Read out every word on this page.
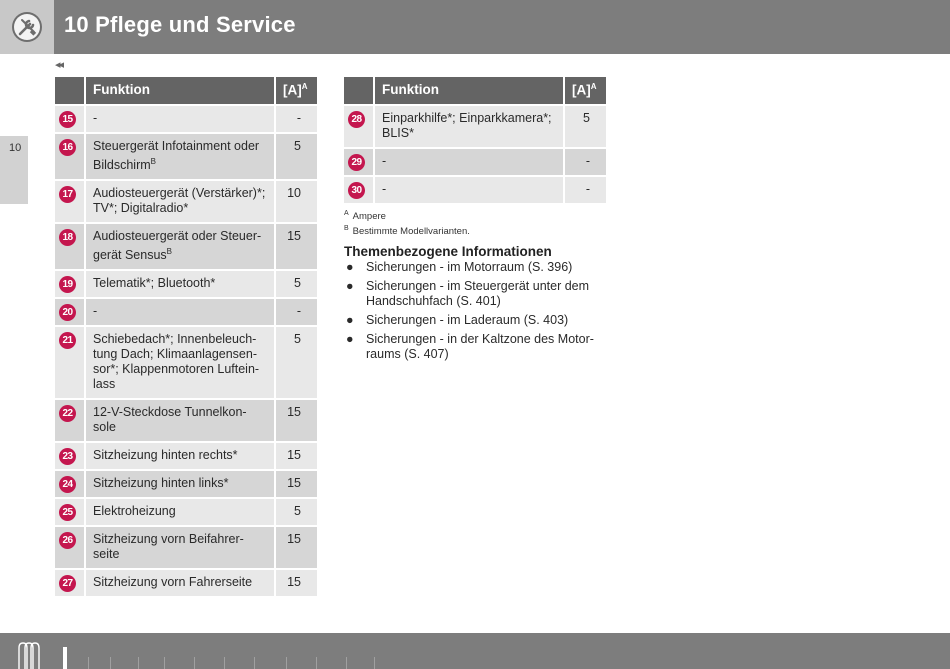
10 Pflege und Service
10
◂◂
	Funktion	$[A]^A$
15	-	-
16	Steuergerät Infotainment oder Bildschirm$^B$	5
17	Audiosteuergerät (Verstärker)*; TV*; Digitalradio*	10
18	Audiosteuergerät oder Steuer-gerät Sensus$^B$	15
19	Telematik*; Bluetooth*	5
20	-	-
21	Schiebedach*; Innenbeleuch-tung Dach; Klimaanlagensen-sor*; Klappenmotoren Luftein-lass	5
22	12-V-Steckdose Tunnelkon-sole	15
23	Sitzheizung hinten rechts*	15
24	Sitzheizung hinten links*	15
25	Elektroheizung	5
26	Sitzheizung vorn Beifahrer-seite	15
27	Sitzheizung vorn Fahrerseite	15
	Funktion	$[A]^A$
28	Einparkhilfe*; Einparkkamera*; BLIS*	5
29	-	-
30	-	-
$^A$ Ampere
$^B$ Bestimmte Modellvarianten.
Themenbezogene Informationen
● Sicherungen - im Motorraum (S. 396)
● Sicherungen - im Steuergerät unter dem Handschuhfach (S. 401)
● Sicherungen - im Laderaum (S. 403)
● Sicherungen - in der Kaltzone des Motor-raums (S. 407)
